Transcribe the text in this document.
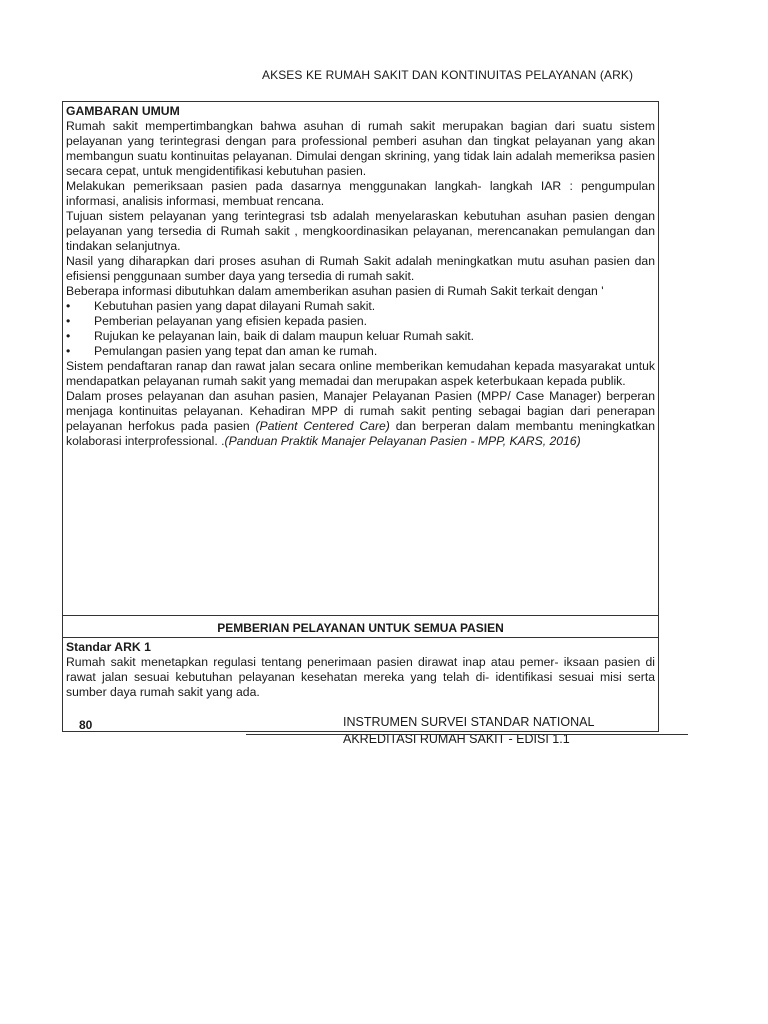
AKSES KE RUMAH SAKIT DAN KONTINUITAS PELAYANAN (ARK)

GAMBARAN UMUM

Rumah sakit mempertimbangkan bahwa asuhan di rumah sakit merupakan bagian dari suatu sistem pelayanan yang terintegrasi dengan para professional pemberi asuhan dan tingkat pelayanan yang akan membangun suatu kontinuitas pelayanan. Dimulai dengan skrining, yang tidak lain adalah memeriksa pasien secara cepat, untuk mengidentifikasi kebutuhan pasien.

Melakukan pemeriksaan pasien pada dasarnya menggunakan langkah- langkah IAR : pengumpulan informasi, analisis informasi, membuat rencana.

Tujuan sistem pelayanan yang terintegrasi tsb adalah menyelaraskan kebutuhan asuhan pasien dengan pelayanan yang tersedia di Rumah sakit , mengkoordinasikan pelayanan, merencanakan pemulangan dan tindakan selanjutnya.

Nasil yang diharapkan dari proses asuhan di Rumah Sakit adalah meningkatkan mutu asuhan pasien dan efisiensi penggunaan sumber daya yang tersedia di rumah sakit.

Beberapa informasi dibutuhkan dalam amemberikan asuhan pasien di Rumah Sakit terkait dengan '

•	Kebutuhan pasien yang dapat dilayani Rumah sakit.
•	Pemberian pelayanan yang efisien kepada pasien.
•	Rujukan ke pelayanan lain, baik di dalam maupun keluar Rumah sakit.
•	Pemulangan pasien yang tepat dan aman ke rumah.

Sistem pendaftaran ranap dan rawat jalan secara online memberikan kemudahan kepada masyarakat untuk mendapatkan pelayanan rumah sakit yang memadai dan merupakan aspek keterbukaan kepada publik.

Dalam proses pelayanan dan asuhan pasien, Manajer Pelayanan Pasien (MPP/ Case Manager) berperan menjaga kontinuitas pelayanan. Kehadiran MPP di rumah sakit penting sebagai bagian dari penerapan pelayanan herfokus pada pasien (Patient Centered Care) dan berperan dalam membantu meningkatkan kolaborasi interprofessional. .(Panduan Praktik Manajer Pelayanan Pasien - MPP, KARS, 2016)

PEMBERIAN PELAYANAN UNTUK SEMUA PASIEN

Standar ARK 1

Rumah sakit menetapkan regulasi tentang penerimaan pasien dirawat inap atau pemer- iksaan pasien di rawat jalan sesuai kebutuhan pelayanan kesehatan mereka yang telah di- identifikasi sesuai misi serta sumber daya rumah sakit yang ada.

80	INSTRUMEN SURVEI STANDAR NATIONAL AKREDITASI RUMAH SAKIT - EDISI 1.1
